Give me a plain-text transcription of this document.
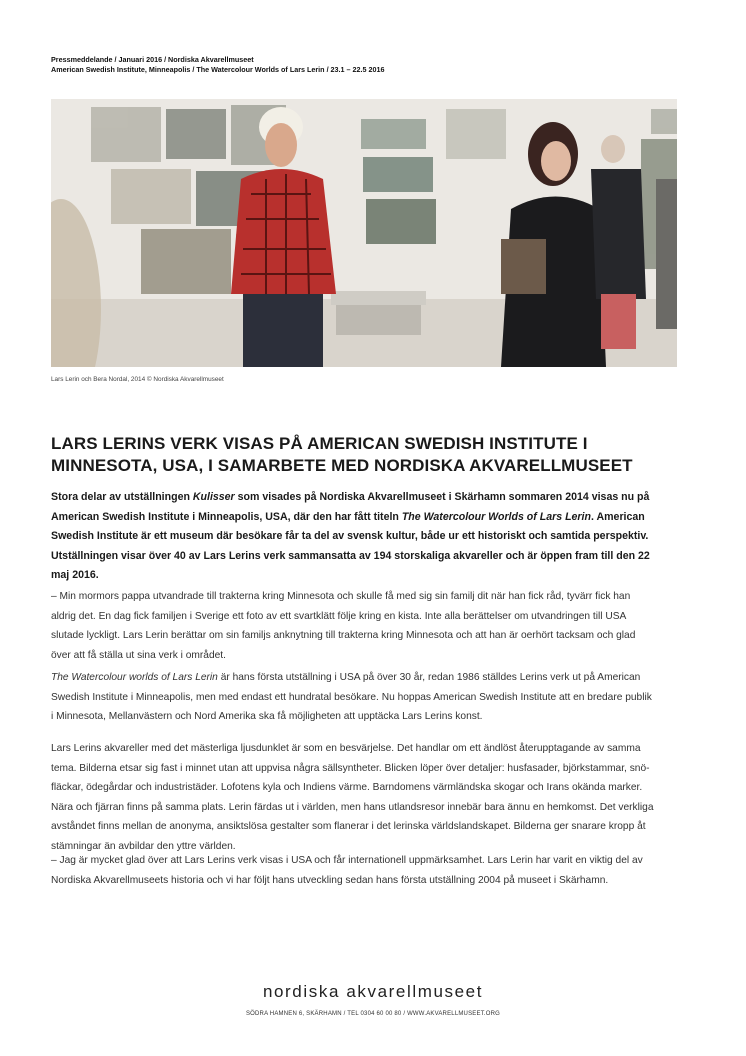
Pressmeddelande / Januari 2016 / Nordiska Akvarellmuseet
American Swedish Institute, Minneapolis / The Watercolour Worlds of Lars Lerin / 23.1 – 22.5 2016
Lars Lerin och Bera Nordal, 2014 © Nordiska Akvarellmuseet
LARS LERINS VERK VISAS PÅ AMERICAN SWEDISH INSTITUTE I
MINNESOTA, USA, I SAMARBETE MED NORDISKA AKVARELLMUSEET
Stora delar av utställningen Kulisser som visades på Nordiska Akvarellmuseet i Skärhamn sommaren 2014 visas nu på
American Swedish Institute i Minneapolis, USA, där den har fått titeln The Watercolour Worlds of Lars Lerin. American
Swedish Institute är ett museum där besökare får ta del av svensk kultur, både ur ett historiskt och samtida perspektiv.
Utställningen visar över 40 av Lars Lerins verk sammansatta av 194 storskaliga akvareller och är öppen fram till den 22
maj 2016.
– Min mormors pappa utvandrade till trakterna kring Minnesota och skulle få med sig sin familj dit när han fick råd, tyvärr fick han
aldrig det. En dag fick familjen i Sverige ett foto av ett svartklätt följe kring en kista. Inte alla berättelser om utvandringen till USA
slutade lyckligt. Lars Lerin berättar om sin familjs anknytning till trakterna kring Minnesota och att han är oerhört tacksam och glad
över att få ställa ut sina verk i området.
The Watercolour worlds of Lars Lerin är hans första utställning i USA på över 30 år, redan 1986 ställdes Lerins verk ut på American
Swedish Institute i Minneapolis, men med endast ett hundratal besökare. Nu hoppas American Swedish Institute att en bredare publik
i Minnesota, Mellanvästern och Nord Amerika ska få möjligheten att upptäcka Lars Lerins konst.
Lars Lerins akvareller med det mästerliga ljusdunklet är som en besvärjelse. Det handlar om ett ändlöst återupptagande av samma
tema. Bilderna etsar sig fast i minnet utan att uppvisa några sällsyntheter. Blicken löper över detaljer: husfasader, björkstammar, snö-
fläckar, ödegårdar och industristäder. Lofotens kyla och Indiens värme. Barndomens värmländska skogar och Irans okända marker.
Nära och fjärran finns på samma plats. Lerin färdas ut i världen, men hans utlandsresor innebär bara ännu en hemkomst. Det verkliga
avståndet finns mellan de anonyma, ansiktslösa gestalter som flanerar i det lerinska världslandskapet. Bilderna ger snarare kropp åt
stämningar än avbildar den yttre världen.
– Jag är mycket glad över att Lars Lerins verk visas i USA och får internationell uppmärksamhet. Lars Lerin har varit en viktig del av
Nordiska Akvarellmuseets historia och vi har följt hans utveckling sedan hans första utställning 2004 på museet i Skärhamn.
nordiska akvarellmuseet
SÖDRA HAMNEN 6, SKÄRHAMN / TEL 0304 60 00 80 / WWW.AKVARELLMUSEET.ORG
